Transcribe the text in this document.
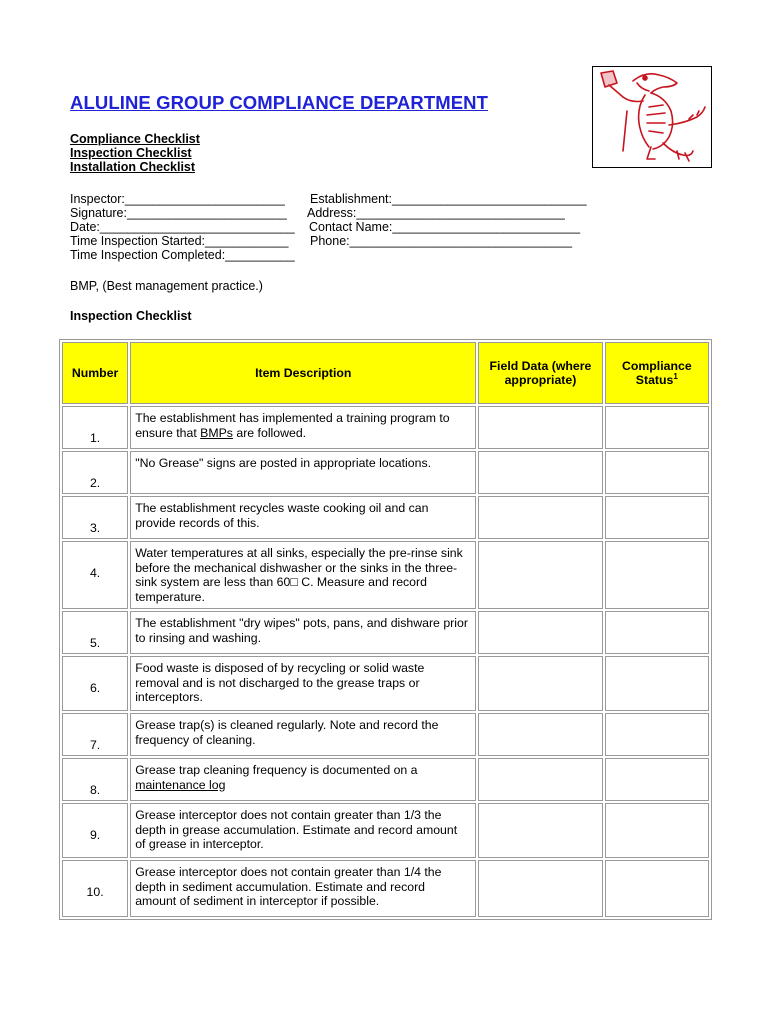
ALULINE GROUP COMPLIANCE DEPARTMENT
Compliance Checklist
Inspection Checklist
Installation Checklist
Inspector:_______________________ Establishment:____________________________
Signature:_______________________ Address:______________________________
Date:____________________________ Contact Name:___________________________
Time Inspection Started:____________ Phone:________________________________
Time Inspection Completed:__________
BMP, (Best management practice.)
Inspection Checklist
Number	Item Description	Field Data (where appropriate)	Compliance Status$^1$

1.	The establishment has implemented a training program to ensure that BMPs are followed.		

2.	"No Grease" signs are posted in appropriate locations.		

3.	The establishment recycles waste cooking oil and can provide records of this.		

4.	Water temperatures at all sinks, especially the pre-rinse sink before the mechanical dishwasher or the sinks in the three-sink system are less than 60□ C. Measure and record temperature.		

5.	The establishment "dry wipes" pots, pans, and dishware prior to rinsing and washing.		

6.	Food waste is disposed of by recycling or solid waste removal and is not discharged to the grease traps or interceptors.		

7.	Grease trap(s) is cleaned regularly. Note and record the frequency of cleaning.		

8.	Grease trap cleaning frequency is documented on a maintenance log		

9.	Grease interceptor does not contain greater than 1/3 the depth in grease accumulation. Estimate and record amount of grease in interceptor.		

10.	Grease interceptor does not contain greater than 1/4 the depth in sediment accumulation. Estimate and record amount of sediment in interceptor if possible.		
